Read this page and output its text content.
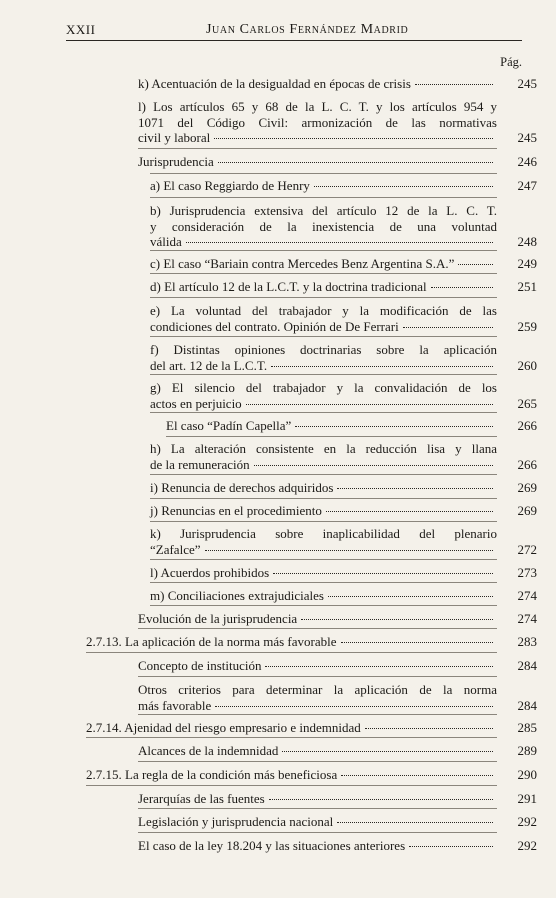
XXII	Juan Carlos Fernández Madrid
Pág.
k) Acentuación de la desigualdad en épocas de crisis	245
l) Los artículos 65 y 68 de la L. C. T. y los artículos 954 y
1071 del Código Civil: armonización de las normativas
civil y laboral	245
Jurisprudencia	246
a) El caso Reggiardo de Henry	247
b) Jurisprudencia extensiva del artículo 12 de la L. C. T.
y consideración de la inexistencia de una voluntad
válida	248
c) El caso “Bariain contra Mercedes Benz Argentina S.A.”	249
d) El artículo 12 de la L.C.T. y la doctrina tradicional	251
e) La voluntad del trabajador y la modificación de las
condiciones del contrato. Opinión de De Ferrari	259
f) Distintas opiniones doctrinarias sobre la aplicación
del art. 12 de la L.C.T.	260
g) El silencio del trabajador y la convalidación de los
actos en perjuicio	265
El caso “Padín Capella”	266
h) La alteración consistente en la reducción lisa y llana
de la remuneración	266
i) Renuncia de derechos adquiridos	269
j) Renuncias en el procedimiento	269
k) Jurisprudencia sobre inaplicabilidad del plenario
“Zafalce”	272
l) Acuerdos prohibidos	273
m) Conciliaciones extrajudiciales	274
Evolución de la jurisprudencia	274
2.7.13. La aplicación de la norma más favorable	283
Concepto de institución	284
Otros criterios para determinar la aplicación de la norma
más favorable	284
2.7.14. Ajenidad del riesgo empresario e indemnidad	285
Alcances de la indemnidad	289
2.7.15. La regla de la condición más beneficiosa	290
Jerarquías de las fuentes	291
Legislación y jurisprudencia nacional	292
El caso de la ley 18.204 y las situaciones anteriores	292
